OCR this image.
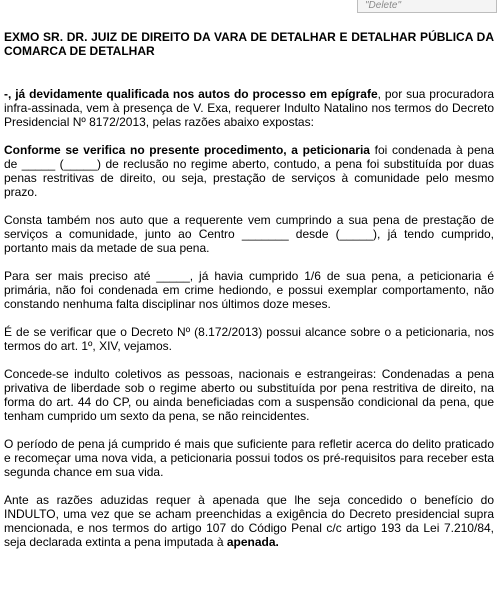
"Delete"

EXMO SR. DR. JUIZ DE DIREITO DA VARA DE DETALHAR E DETALHAR PÚBLICA DA COMARCA DE DETALHAR

-, já devidamente qualificada nos autos do processo em epígrafe, por sua procuradora infra-assinada, vem à presença de V. Exa, requerer Indulto Natalino nos termos do Decreto Presidencial Nº 8172/2013, pelas razões abaixo expostas:

Conforme se verifica no presente procedimento, a peticionaria foi condenada à pena de _____ (_____) de reclusão no regime aberto, contudo, a pena foi substituída por duas penas restritivas de direito, ou seja, prestação de serviços à comunidade pelo mesmo prazo.

Consta também nos auto que a requerente vem cumprindo a sua pena de prestação de serviços a comunidade, junto ao Centro _______ desde (_____), já tendo cumprido, portanto mais da metade de sua pena.

Para ser mais preciso até _____, já havia cumprido 1/6 de sua pena, a peticionaria é primária, não foi condenada em crime hediondo, e possui exemplar comportamento, não constando nenhuma falta disciplinar nos últimos doze meses.

É de se verificar que o Decreto Nº (8.172/2013) possui alcance sobre o a peticionaria, nos termos do art. 1º, XIV, vejamos.

Concede-se indulto coletivos as pessoas, nacionais e estrangeiras: Condenadas a pena privativa de liberdade sob o regime aberto ou substituída por pena restritiva de direito, na forma do art. 44 do CP, ou ainda beneficiadas com a suspensão condicional da pena, que tenham cumprido um sexto da pena, se não reincidentes.

O período de pena já cumprido é mais que suficiente para refletir acerca do delito praticado e recomeçar uma nova vida, a peticionaria possui todos os pré-requisitos para receber esta segunda chance em sua vida.

Ante as razões aduzidas requer à apenada que lhe seja concedido o benefício do INDULTO, uma vez que se acham preenchidas a exigência do Decreto presidencial supra mencionada, e nos termos do artigo 107 do Código Penal c/c artigo 193 da Lei 7.210/84, seja declarada extinta a pena imputada à apenada.
